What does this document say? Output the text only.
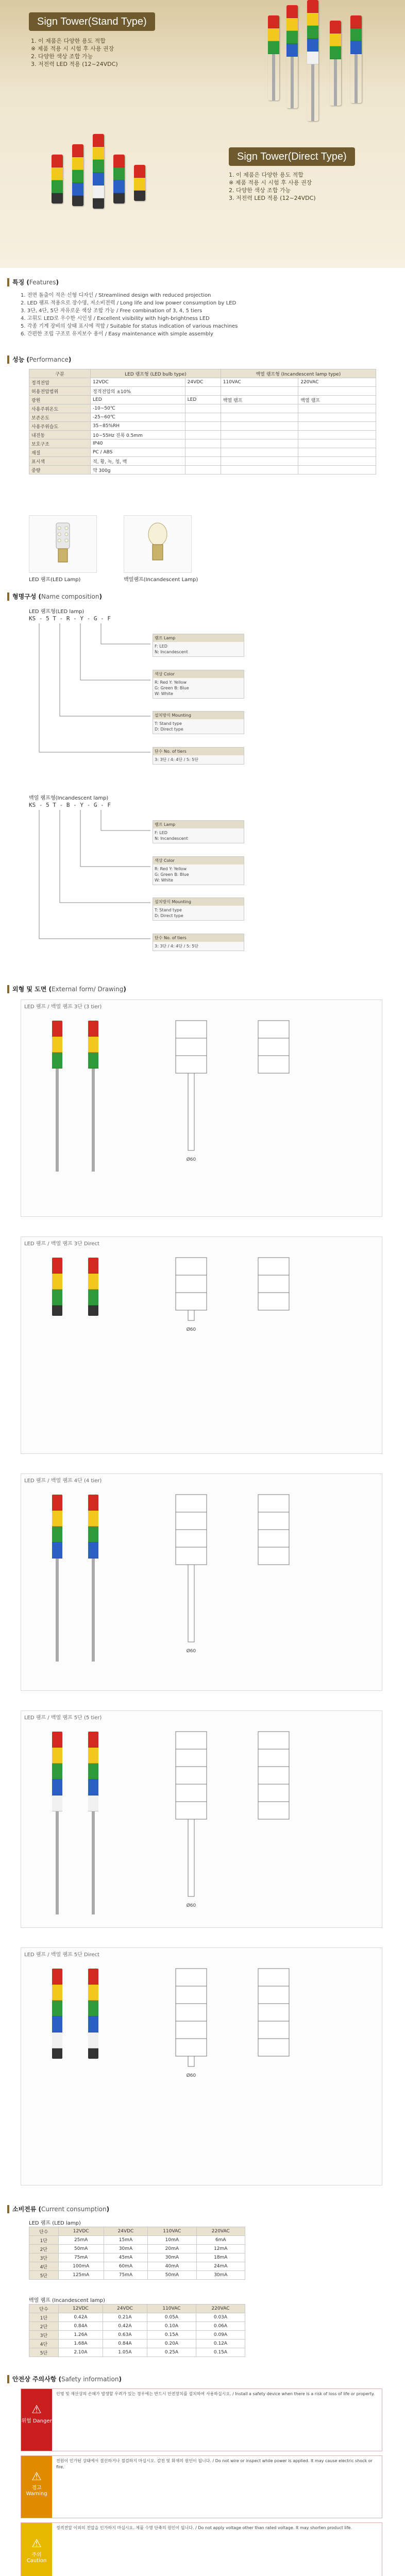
Sign Tower(Stand Type)
1. 이 제품은 다양한 용도 적합
※ 제품 적용 시 시험 후 사용 권장
2. 다양한 색상 조합 가능
3. 저전력 LED 적용 (12~24VDC)
Sign Tower(Direct Type)
1. 이 제품은 다양한 용도 적합
※ 제품 적용 시 시험 후 사용 권장
2. 다양한 색상 조합 가능
3. 저전력 LED 적용 (12~24VDC)
특징 (Features)
1. 전면 돌출이 적은 신형 디자인 / Streamlined design with reduced projection
2. LED 램프 적용으로 장수명, 저소비전력 / Long life and low power consumption by LED
3. 3단, 4단, 5단 자유로운 색상 조합 가능 / Free combination of 3, 4, 5 tiers
4. 고휘도 LED로 우수한 시인성 / Excellent visibility with high-brightness LED
5. 각종 기계 장비의 상태 표시에 적합 / Suitable for status indication of various machines
6. 간편한 조립 구조로 유지보수 용이 / Easy maintenance with simple assembly
성능 (Performance)
구분	LED 램프형 (LED bulb type)		백열 램프형 (Incandescent lamp type)	
정격전압	12VDC	24VDC	110VAC	220VAC
허용전압범위	정격전압의 ±10%			
광원	LED	LED	백열 램프	백열 램프
사용주위온도	-10~50℃			
보존온도	-25~60℃			
사용주위습도	35~85%RH			
내진동	10~55Hz 진폭 0.5mm			
보호구조	IP40			
재질	PC / ABS			
표시색	적, 황, 녹, 청, 백			
중량	약 300g			
LED 램프(LED Lamp)	백열램프(Incandescent Lamp)
형명구성 (Name composition)
LED 램프형(LED lamp)
KS - 5 T - R - Y - G - F
램프 Lamp
F: LED
N: Incandescent
색상 Color
R: Red Y: Yellow
G: Green B: Blue
W: White
설치방식 Mounting
T: Stand type
D: Direct type
단수 No. of tiers
3: 3단 / 4: 4단 / 5: 5단
백열 램프형(Incandescent lamp)
KS - 5 T - B - Y - G - F
램프 Lamp
F: LED
N: Incandescent
색상 Color
R: Red Y: Yellow
G: Green B: Blue
W: White
설치방식 Mounting
T: Stand type
D: Direct type
단수 No. of tiers
3: 3단 / 4: 4단 / 5: 5단
외형 및 도면 (External form/ Drawing)
LED 램프 / 백열 램프 3단 (3 tier)
Ø60
LED 램프 / 백열 램프 3단 Direct
Ø60
LED 램프 / 백열 램프 4단 (4 tier)
Ø60
LED 램프 / 백열 램프 5단 (5 tier)
Ø60
LED 램프 / 백열 램프 5단 Direct
Ø60
소비전류 (Current consumption)
LED 램프 (LED lamp)
단수	12VDC	24VDC	110VAC	220VAC
1단	25mA	15mA	10mA	6mA
2단	50mA	30mA	20mA	12mA
3단	75mA	45mA	30mA	18mA
4단	100mA	60mA	40mA	24mA
5단	125mA	75mA	50mA	30mA
백열 램프 (Incandescent lamp)
단수	12VDC	24VDC	110VAC	220VAC
1단	0.42A	0.21A	0.05A	0.03A
2단	0.84A	0.42A	0.10A	0.06A
3단	1.26A	0.63A	0.15A	0.09A
4단	1.68A	0.84A	0.20A	0.12A
5단	2.10A	1.05A	0.25A	0.15A
안전상 주의사항 (Safety information)
⚠
위험 Danger
인명 및 재산상의 손해가 발생할 우려가 있는 경우에는 반드시 안전장치를 설치하여 사용하십시오. / Install a safety device when there is a risk of loss of life or property.
⚠
경고 Warning
전원이 인가된 상태에서 결선하거나 점검하지 마십시오. 감전 및 화재의 원인이 됩니다. / Do not wire or inspect while power is applied. It may cause electric shock or fire.
⚠
주의 Caution
정격전압 이외의 전압을 인가하지 마십시오. 제품 수명 단축의 원인이 됩니다. / Do not apply voltage other than rated voltage. It may shorten product life.
